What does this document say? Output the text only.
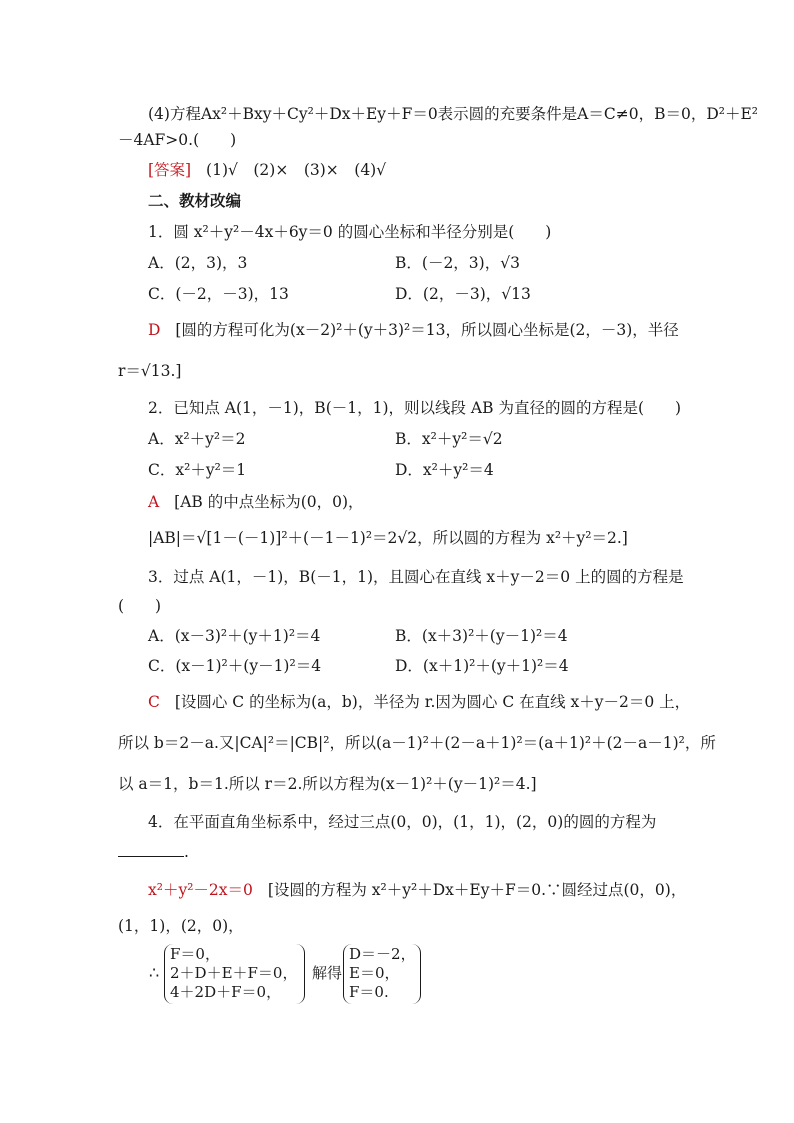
(4)方程Ax²＋Bxy＋Cy²＋Dx＋Ey＋F＝0表示圆的充要条件是A＝C≠0，B＝0，D²＋E²
－4AF>0.(　　)
[答案] (1)√　(2)×　(3)×　(4)√
二、教材改编
1．圆 x²＋y²－4x＋6y＝0 的圆心坐标和半径分别是(　　)
A．(2，3)，3	B．(－2，3)，√3
C．(－2，－3)，13	D．(2，－3)，√13
D [圆的方程可化为(x－2)²＋(y＋3)²＝13，所以圆心坐标是(2，－3)，半径
r＝√13.]
2．已知点 A(1，－1)，B(－1，1)，则以线段 AB 为直径的圆的方程是(　　)
A．x²＋y²＝2	B．x²＋y²＝√2
C．x²＋y²＝1	D．x²＋y²＝4
A [AB 的中点坐标为(0，0)，
|AB|＝√[1－(－1)]²＋(－1－1)²＝2√2，所以圆的方程为 x²＋y²＝2.]
3．过点 A(1，－1)，B(－1，1)，且圆心在直线 x＋y－2＝0 上的圆的方程是
(　　)
A．(x－3)²＋(y＋1)²＝4	B．(x＋3)²＋(y－1)²＝4
C．(x－1)²＋(y－1)²＝4	D．(x＋1)²＋(y＋1)²＝4
C [设圆心 C 的坐标为(a，b)，半径为 r.因为圆心 C 在直线 x＋y－2＝0 上，
所以 b＝2－a.又|CA|²＝|CB|²，所以(a－1)²＋(2－a＋1)²＝(a＋1)²＋(2－a－1)²，所
以 a＝1，b＝1.所以 r＝2.所以方程为(x－1)²＋(y－1)²＝4.]
4．在平面直角坐标系中，经过三点(0，0)，(1，1)，(2，0)的圆的方程为
.
x²＋y²－2x＝0 [设圆的方程为 x²＋y²＋Dx＋Ey＋F＝0.∵圆经过点(0，0)，
(1，1)，(2，0)，
∴
F＝0，
2＋D＋E＋F＝0，
4＋2D＋F＝0，
解得
D＝－2，
E＝0，
F＝0.
